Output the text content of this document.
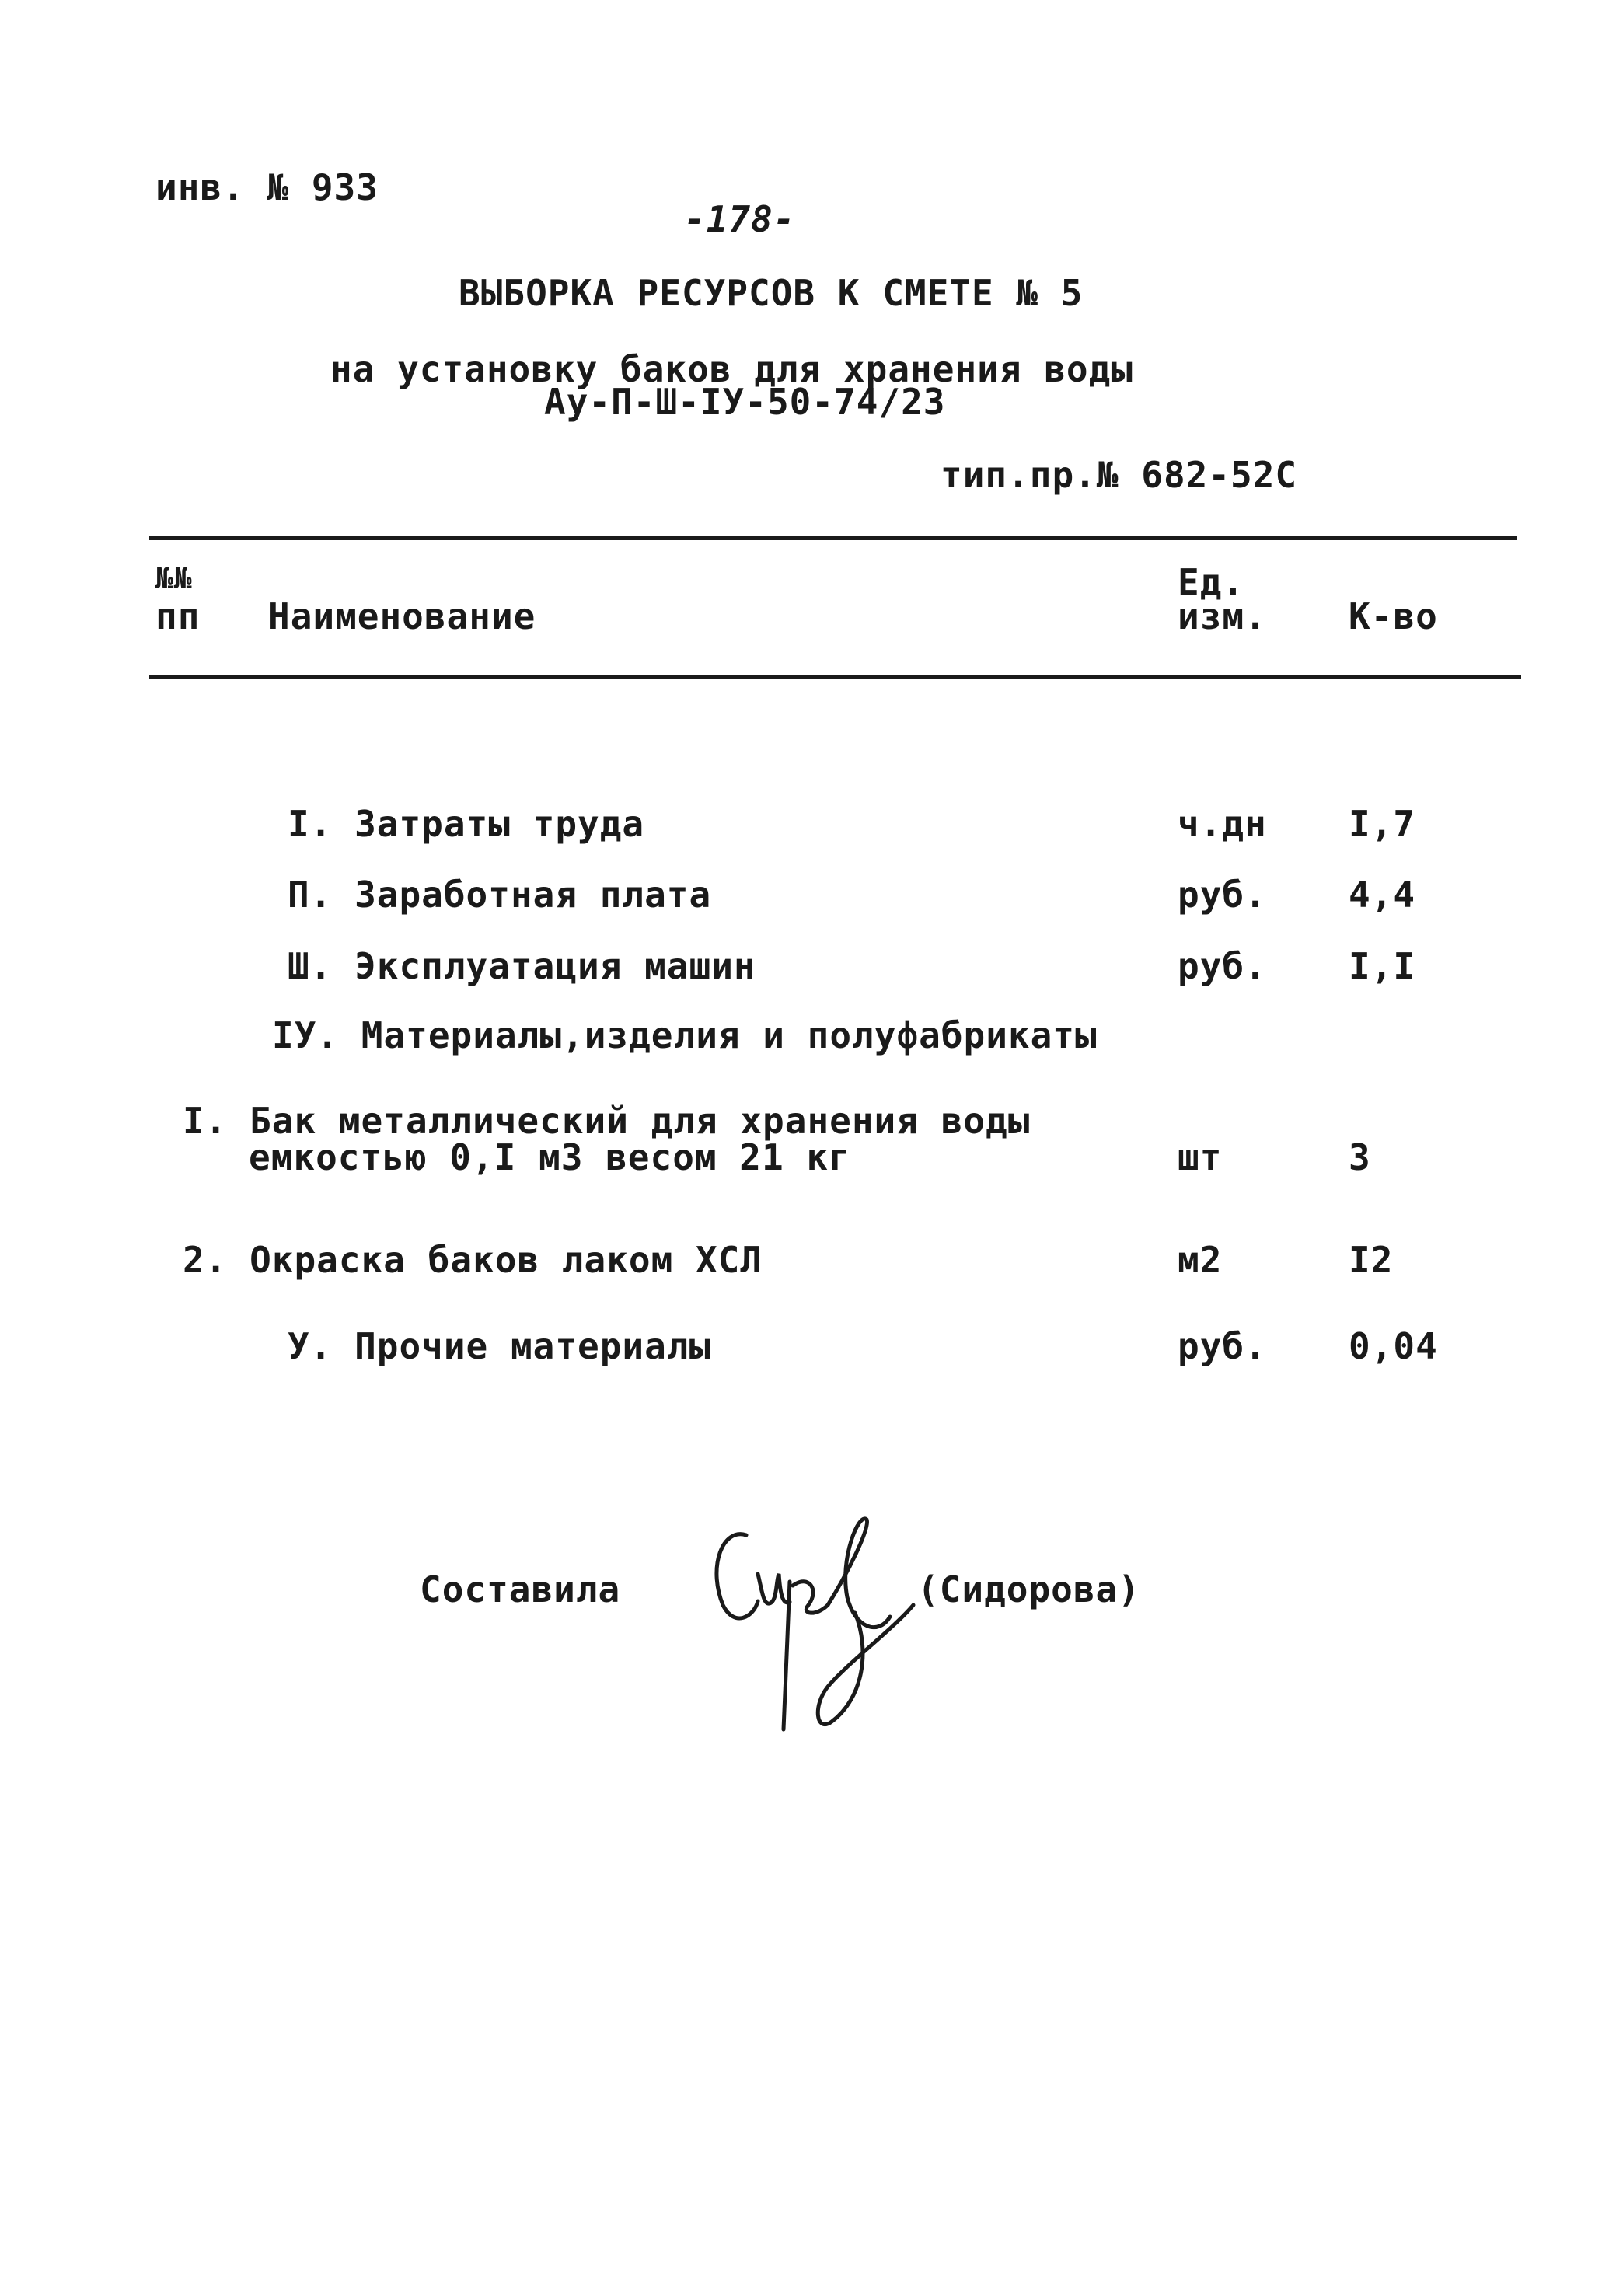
инв. № 933
-178-
ВЫБОРКА РЕСУРСОВ К СМЕТЕ № 5
на установку баков для хранения воды
Ау-П-Ш-IУ-50-74/23
тип.пр.№ 682-52С
№№
пп Наименование
Ед.
изм. К-во
I. Затраты труда	ч.дн I,7
П. Заработная плата	руб. 4,4
Ш. Эксплуатация машин	руб. I,I
IУ. Материалы,изделия и полуфабрикаты
I. Бак металлический для хранения воды
емкостью 0,I м3 весом 21 кг	шт	3
2. Окраска баков лаком ХСЛ	м2	I2
У. Прочие материалы	руб. 0,04
Составила	(Сидорова)
